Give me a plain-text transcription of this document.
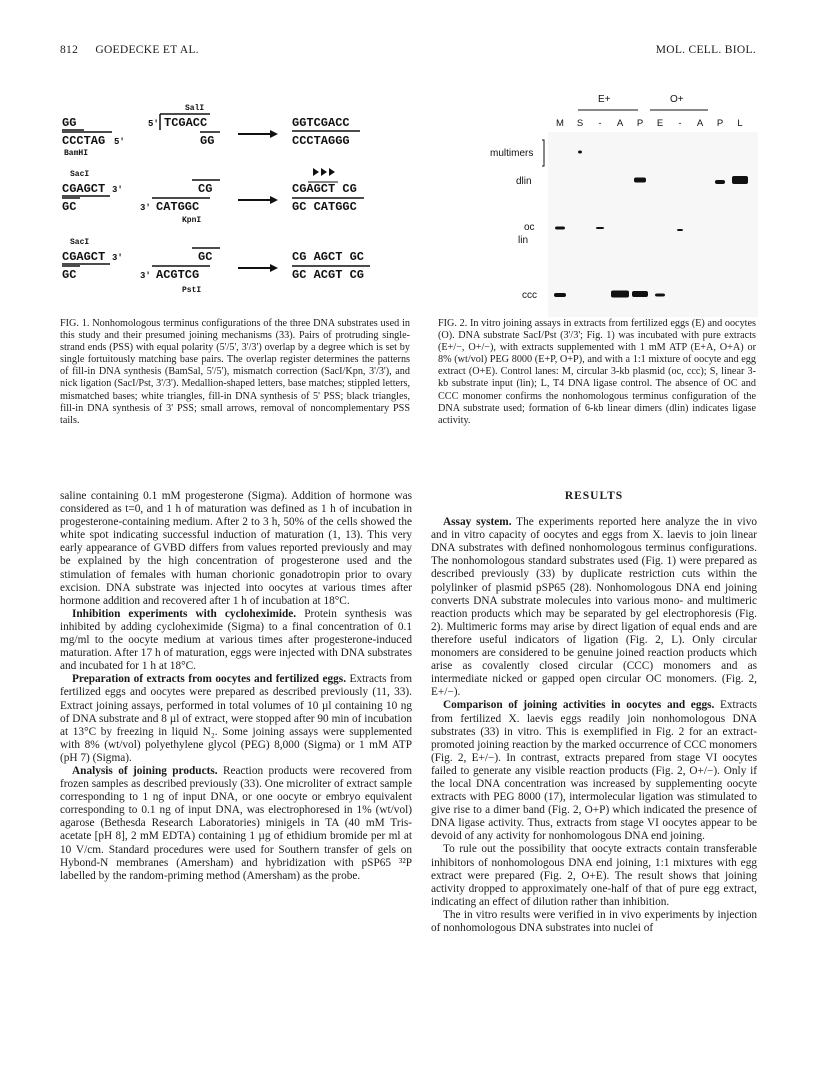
812 GOEDECKE ET AL.	MOL. CELL. BIOL.
SalI
GG	5' TCGACC
CCCTAG 5'	GG
BamHI
GGTCGACC
CCCTAGGG
SacI
CGAGCT 3'	CG
GC	3' CATGGC
KpnI
CGAGCT CG
GC CATGGC
SacI
CGAGCT 3'	GC
GC	3' ACGTCG
PstI
CG AGCT GC
GC ACGT CG
E+	O+
M S - A P E - A P L
multimers
dlin
oc
lin
ccc
FIG. 1. Nonhomologous terminus configurations of the three DNA substrates used in this study and their presumed joining mechanisms (33). Pairs of protruding single-strand ends (PSS) with equal polarity (5'/5', 3'/3') overlap by a degree which is set by single fortuitously matching base pairs. The overlap register determines the patterns of fill-in DNA synthesis (BamSal, 5'/5'), mismatch correction (SacI/Kpn, 3'/3'), and nick ligation (SacI/Pst, 3'/3'). Medallion-shaped letters, base matches; stippled letters, mismatched bases; white triangles, fill-in DNA synthesis of 5' PSS; black triangles, fill-in DNA synthesis of 3' PSS; small arrows, removal of noncomplementary PSS tails.
FIG. 2. In vitro joining assays in extracts from fertilized eggs (E) and oocytes (O). DNA substrate SacI/Pst (3'/3'; Fig. 1) was incubated with pure extracts (E+/−, O+/−), with extracts supplemented with 1 mM ATP (E+A, O+A) or 8% (wt/vol) PEG 8000 (E+P, O+P), and with a 1:1 mixture of oocyte and egg extract (O+E). Control lanes: M, circular 3-kb plasmid (oc, ccc); S, linear 3-kb substrate input (lin); L, T4 DNA ligase control. The absence of OC and CCC monomer confirms the nonhomologous terminus configuration of the DNA substrate used; formation of 6-kb linear dimers (dlin) indicates ligase activity.

saline containing 0.1 mM progesterone (Sigma). Addition of hormone was considered as t=0, and 1 h of maturation was defined as 1 h of incubation in progesterone-containing medium. After 2 to 3 h, 50% of the cells showed the white spot indicating successful induction of maturation (1, 13). This very early appearance of GVBD differs from values reported previously and may be explained by the high concentration of progesterone used and the stimulation of females with human chorionic gonadotropin prior to ovary excision. DNA substrate was injected into oocytes at various times after hormone addition and recovered after 1 h of incubation at 18°C.

Inhibition experiments with cycloheximide. Protein synthesis was inhibited by adding cycloheximide (Sigma) to a final concentration of 0.1 mg/ml to the oocyte medium at various times after progesterone-induced maturation. After 17 h of maturation, eggs were injected with DNA substrates and incubated for 1 h at 18°C.

Preparation of extracts from oocytes and fertilized eggs. Extracts from fertilized eggs and oocytes were prepared as described previously (11, 33). Extract joining assays, performed in total volumes of 10 µl containing 10 ng of DNA substrate and 8 µl of extract, were stopped after 90 min of incubation at 13°C by freezing in liquid N₂. Some joining assays were supplemented with 8% (wt/vol) polyethylene glycol (PEG) 8,000 (Sigma) or 1 mM ATP (pH 7) (Sigma).

Analysis of joining products. Reaction products were recovered from frozen samples as described previously (33). One microliter of extract sample corresponding to 1 ng of input DNA, or one oocyte or embryo equivalent corresponding to 0.1 ng of input DNA, was electrophoresed in 1% (wt/vol) agarose (Bethesda Research Laboratories) minigels in TA (40 mM Tris-acetate [pH 8], 2 mM EDTA) containing 1 µg of ethidium bromide per ml at 10 V/cm. Standard procedures were used for Southern transfer of gels on Hybond-N membranes (Amersham) and hybridization with pSP65 ³²P labelled by the random-priming method (Amersham) as the probe.

RESULTS

Assay system. The experiments reported here analyze the in vivo and in vitro capacity of oocytes and eggs from X. laevis to join linear DNA substrates with defined nonhomologous terminus configurations. The nonhomologous standard substrates used (Fig. 1) were prepared as described previously (33) by duplicate restriction cuts within the polylinker of plasmid pSP65 (28). Nonhomologous DNA end joining converts DNA substrate molecules into various mono- and multimeric reaction products which may be separated by gel electrophoresis (Fig. 2). Multimeric forms may arise by direct ligation of equal ends and are therefore useful indicators of ligation (Fig. 2, L). Only circular monomers are considered to be genuine joined reaction products which arise as covalently closed circular (CCC) monomers and as intermediate nicked or gapped open circular OC monomers. (Fig. 2, E+/−).

Comparison of joining activities in oocytes and eggs. Extracts from fertilized X. laevis eggs readily join nonhomologous DNA substrates (33) in vitro. This is exemplified in Fig. 2 for an extract-promoted joining reaction by the marked occurrence of CCC monomers (Fig. 2, E+/−). In contrast, extracts prepared from stage VI oocytes failed to generate any visible reaction products (Fig. 2, O+/−). Only if the local DNA concentration was increased by supplementing oocyte extracts with PEG 8000 (17), intermolecular ligation was stimulated to give rise to a dimer band (Fig. 2, O+P) which indicated the presence of DNA ligase activity. Thus, extracts from stage VI oocytes appear to be devoid of any activity for nonhomologous DNA end joining.

To rule out the possibility that oocyte extracts contain transferable inhibitors of nonhomologous DNA end joining, 1:1 mixtures with egg extract were prepared (Fig. 2, O+E). The result shows that joining activity dropped to approximately one-half of that of pure egg extract, indicating an effect of dilution rather than inhibition.

The in vitro results were verified in in vivo experiments by injection of nonhomologous DNA substrates into nuclei of
